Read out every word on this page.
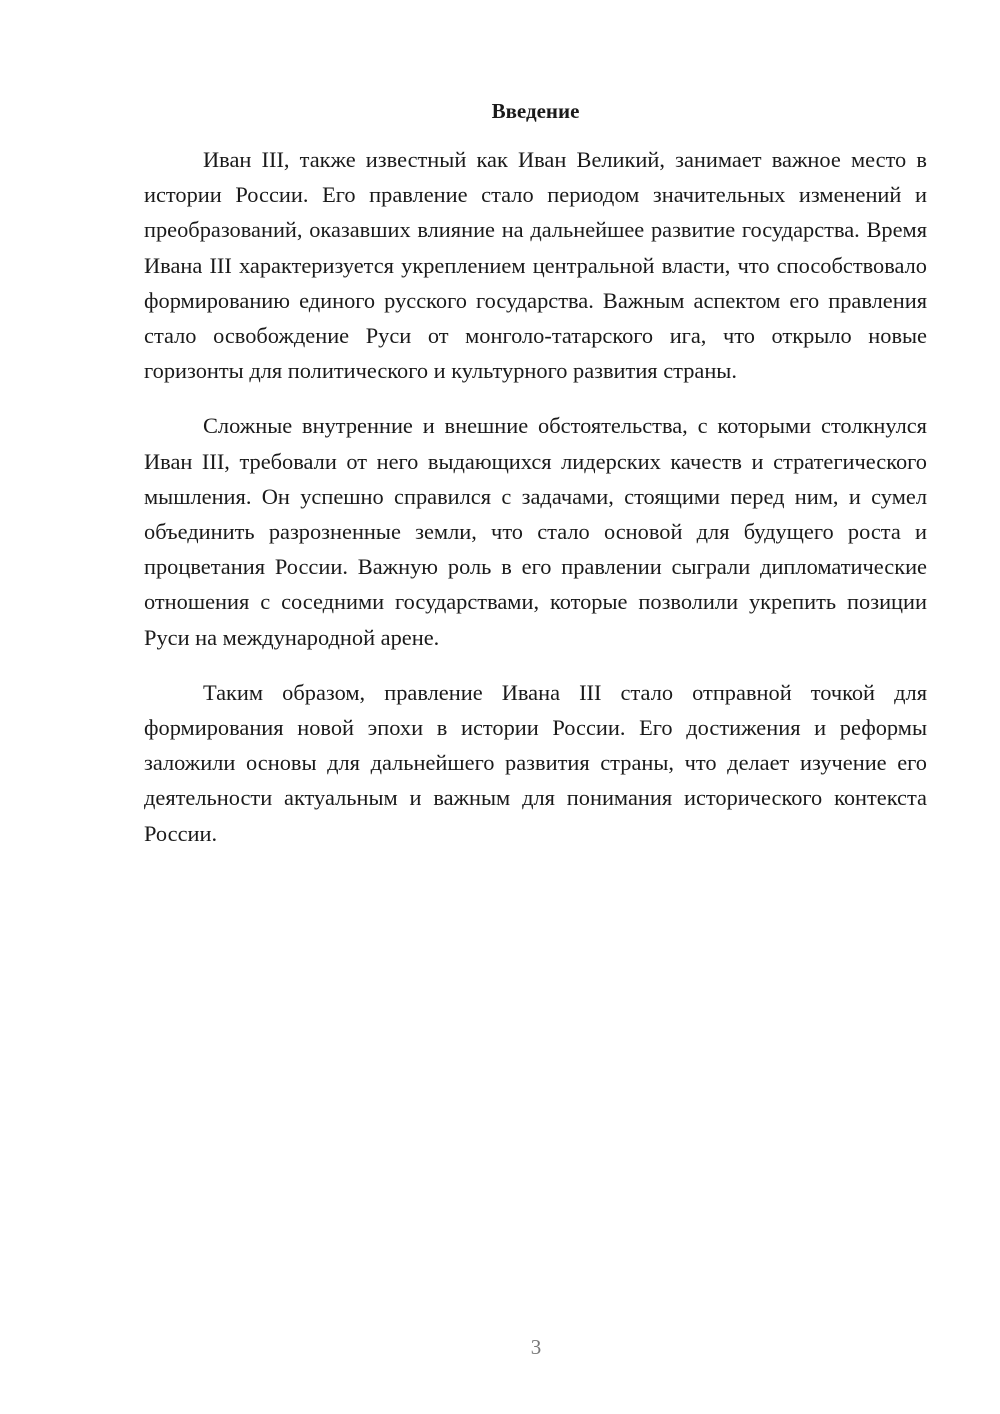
Введение

Иван III, также известный как Иван Великий, занимает важное место в истории России. Его правление стало периодом значительных изменений и преобразований, оказавших влияние на дальнейшее развитие государства. Время Ивана III характеризуется укреплением центральной власти, что способствовало формированию единого русского государства. Важным аспектом его правления стало освобождение Руси от монголо-татарского ига, что открыло новые горизонты для политического и культурного развития страны.

Сложные внутренние и внешние обстоятельства, с которыми столкнулся Иван III, требовали от него выдающихся лидерских качеств и стратегического мышления. Он успешно справился с задачами, стоящими перед ним, и сумел объединить разрозненные земли, что стало основой для будущего роста и процветания России. Важную роль в его правлении сыграли дипломатические отношения с соседними государствами, которые позволили укрепить позиции Руси на международной арене.

Таким образом, правление Ивана III стало отправной точкой для формирования новой эпохи в истории России. Его достижения и реформы заложили основы для дальнейшего развития страны, что делает изучение его деятельности актуальным и важным для понимания исторического контекста России.

3
